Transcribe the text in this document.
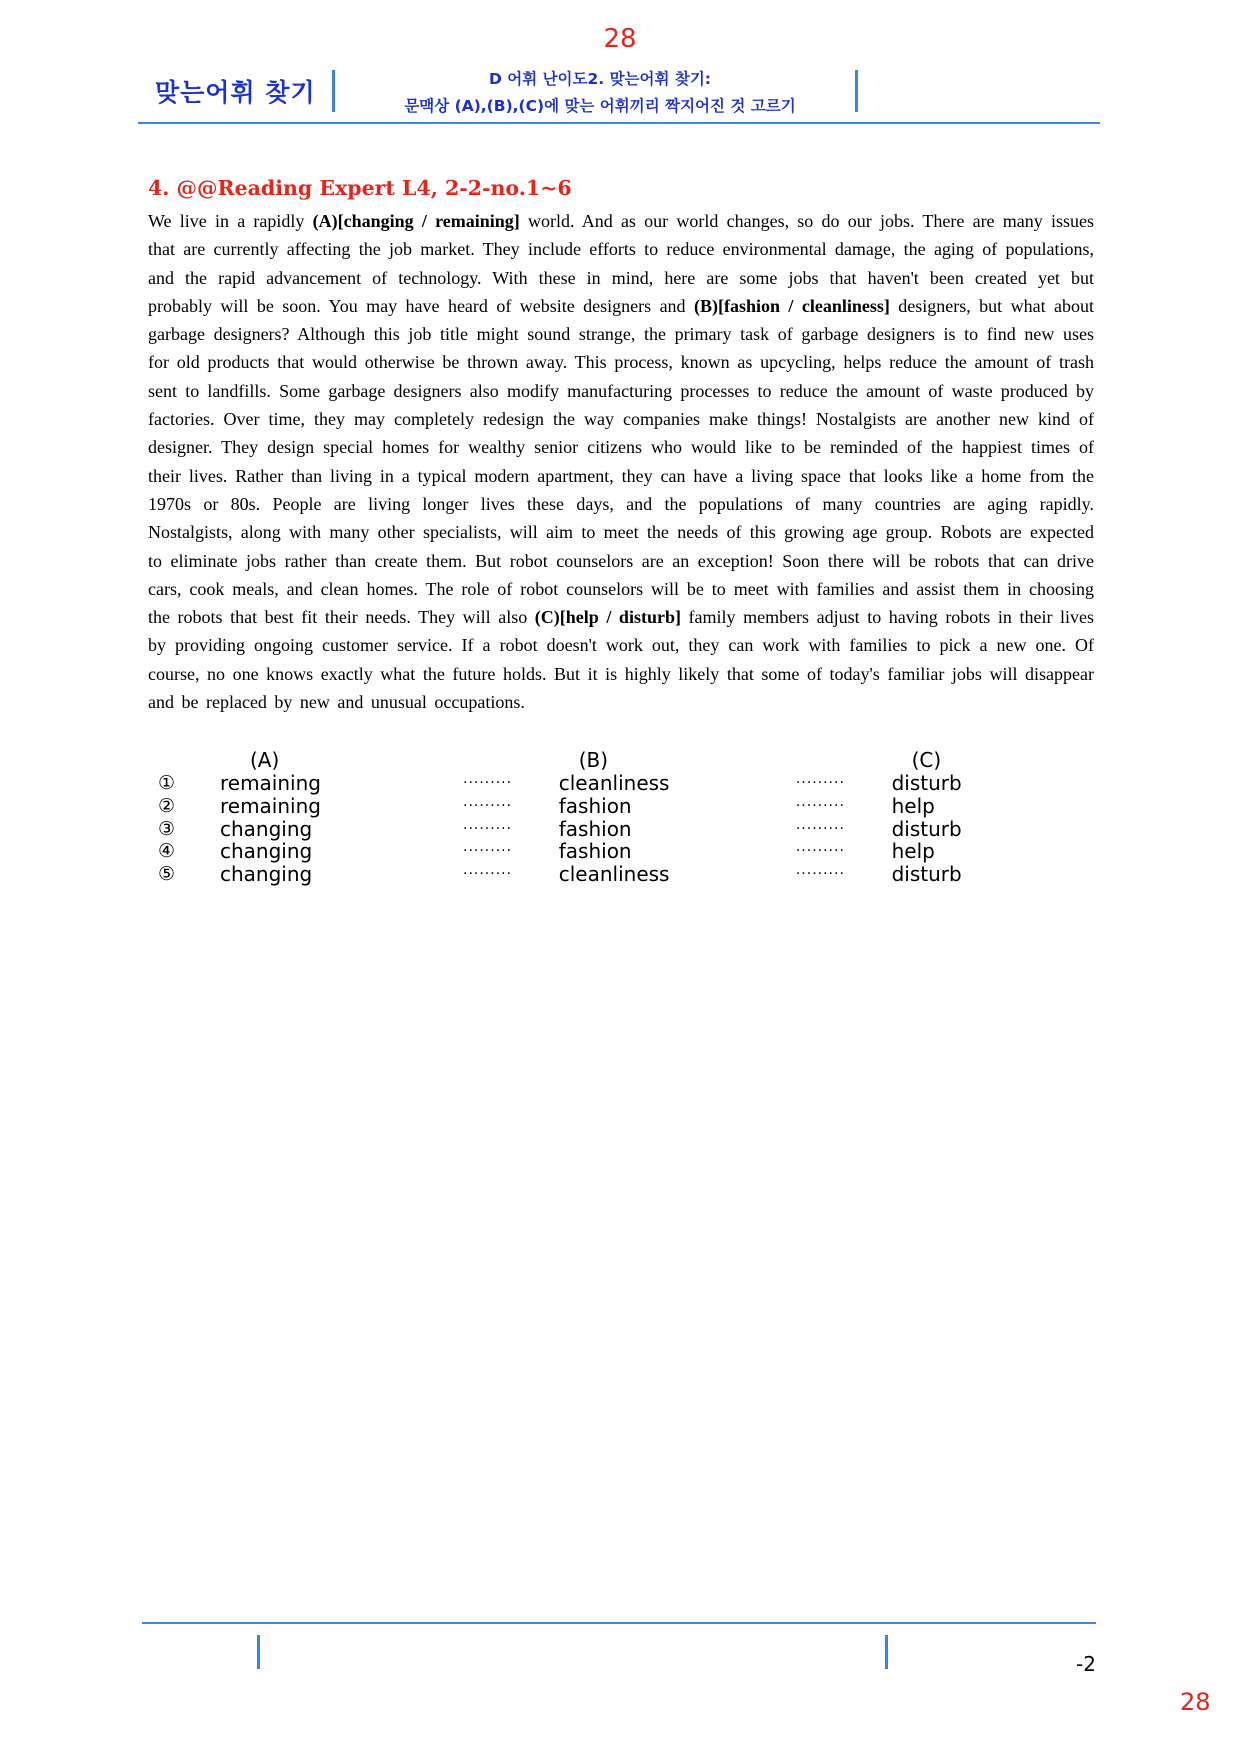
28
맞는어휘 찾기	D 어휘 난이도2. 맞는어휘 찾기:
문맥상 (A),(B),(C)에 맞는 어휘끼리 짝지어진 것 고르기
4. @@Reading Expert L4, 2-2-no.1~6
We live in a rapidly (A)[changing / remaining] world. And as our world changes, so do our jobs. There are many issues that are currently affecting the job market. They include efforts to reduce environmental damage, the aging of populations, and the rapid advancement of technology. With these in mind, here are some jobs that haven't been created yet but probably will be soon. You may have heard of website designers and (B)[fashion / cleanliness] designers, but what about garbage designers? Although this job title might sound strange, the primary task of garbage designers is to find new uses for old products that would otherwise be thrown away. This process, known as upcycling, helps reduce the amount of trash sent to landfills. Some garbage designers also modify manufacturing processes to reduce the amount of waste produced by factories. Over time, they may completely redesign the way companies make things! Nostalgists are another new kind of designer. They design special homes for wealthy senior citizens who would like to be reminded of the happiest times of their lives. Rather than living in a typical modern apartment, they can have a living space that looks like a home from the 1970s or 80s. People are living longer lives these days, and the populations of many countries are aging rapidly. Nostalgists, along with many other specialists, will aim to meet the needs of this growing age group. Robots are expected to eliminate jobs rather than create them. But robot counselors are an exception! Soon there will be robots that can drive cars, cook meals, and clean homes. The role of robot counselors will be to meet with families and assist them in choosing the robots that best fit their needs. They will also (C)[help / disturb] family members adjust to having robots in their lives by providing ongoing customer service. If a robot doesn't work out, they can work with families to pick a new one. Of course, no one knows exactly what the future holds. But it is highly likely that some of today's familiar jobs will disappear and be replaced by new and unusual occupations.
	(A)		(B)		(C)
①	remaining	·········	cleanliness	·········	disturb
②	remaining	·········	fashion	·········	help
③	changing	·········	fashion	·········	disturb
④	changing	·········	fashion	·········	help
⑤	changing	·········	cleanliness	·········	disturb
-2
28
